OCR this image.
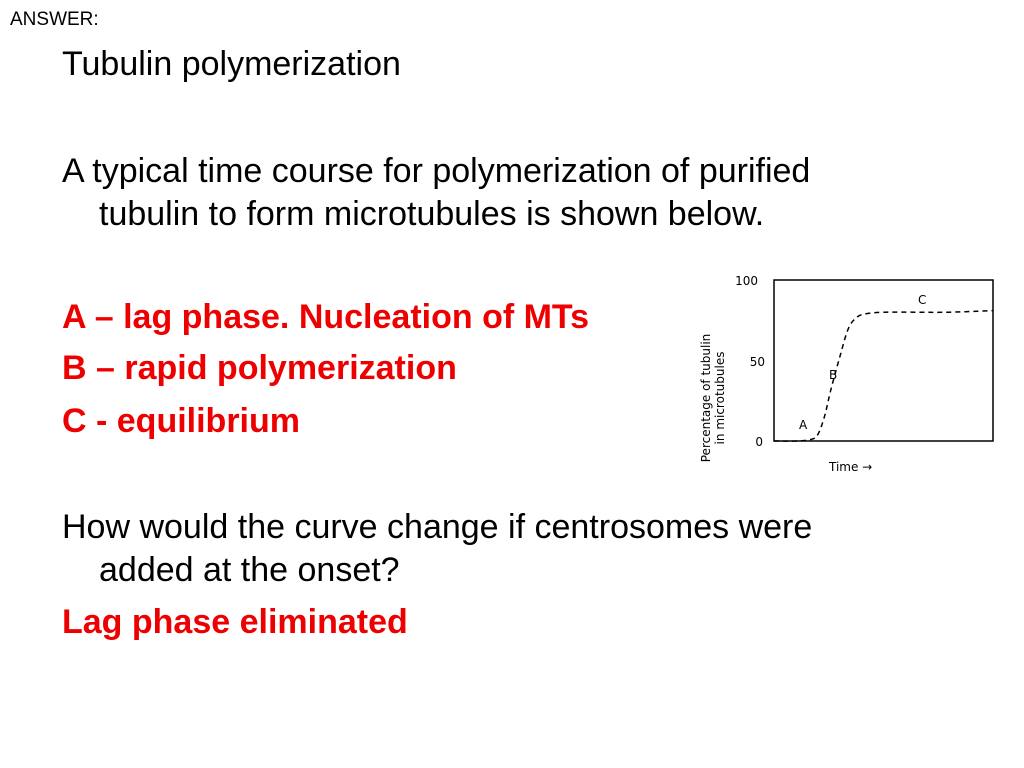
ANSWER:
Tubulin polymerization
A typical time course for polymerization of purified
tubulin to form microtubules is shown below.
A – lag phase. Nucleation of MTs
B – rapid polymerization
C - equilibrium
How would the curve change if centrosomes were
added at the onset?
Lag phase eliminated
Percentage of tubulin in microtubules
100
50
0
A
B
C
Time →
